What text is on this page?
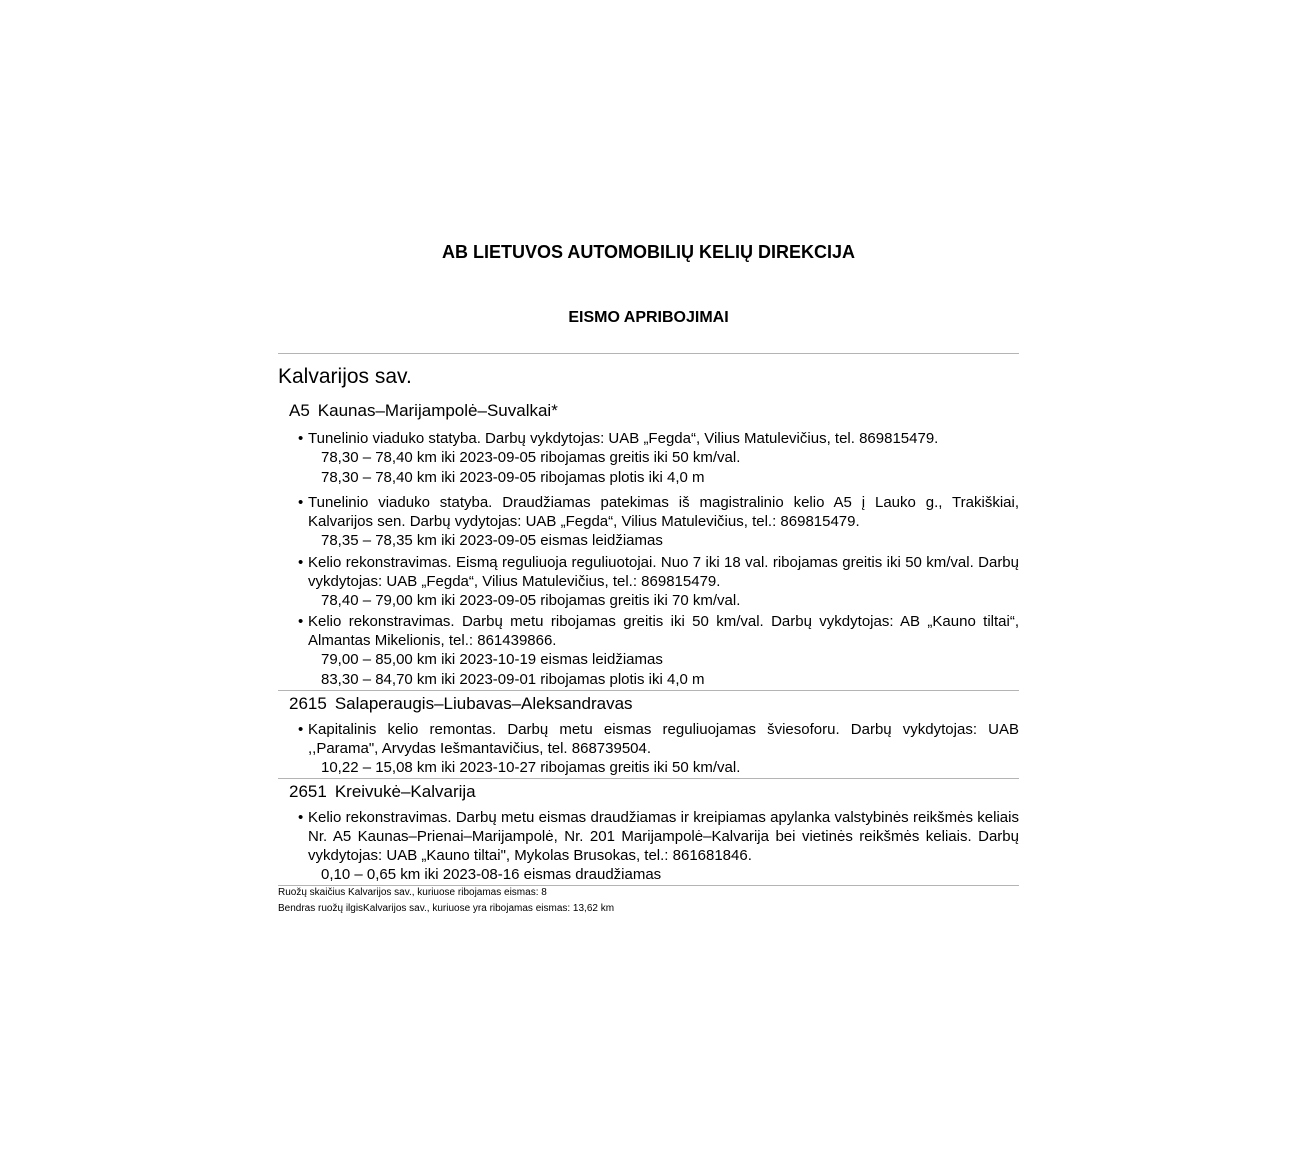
AB LIETUVOS AUTOMOBILIŲ KELIŲ DIREKCIJA
EISMO APRIBOJIMAI
Kalvarijos sav.
A5 Kaunas–Marijampolė–Suvalkai*
• Tunelinio viaduko statyba. Darbų vykdytojas: UAB „Fegda“, Vilius Matulevičius, tel. 869815479.
78,30 – 78,40 km iki 2023-09-05 ribojamas greitis iki 50 km/val.
78,30 – 78,40 km iki 2023-09-05 ribojamas plotis iki 4,0 m
• Tunelinio viaduko statyba. Draudžiamas patekimas iš magistralinio kelio A5 į Lauko g., Trakiškiai, Kalvarijos sen. Darbų vydytojas: UAB „Fegda“, Vilius Matulevičius, tel.: 869815479.
78,35 – 78,35 km iki 2023-09-05 eismas leidžiamas
• Kelio rekonstravimas. Eismą reguliuoja reguliuotojai. Nuo 7 iki 18 val. ribojamas greitis iki 50 km/val. Darbų vykdytojas: UAB „Fegda“, Vilius Matulevičius, tel.: 869815479.
78,40 – 79,00 km iki 2023-09-05 ribojamas greitis iki 70 km/val.
• Kelio rekonstravimas. Darbų metu ribojamas greitis iki 50 km/val. Darbų vykdytojas: AB „Kauno tiltai“, Almantas Mikelionis, tel.: 861439866.
79,00 – 85,00 km iki 2023-10-19 eismas leidžiamas
83,30 – 84,70 km iki 2023-09-01 ribojamas plotis iki 4,0 m
2615 Salaperaugis–Liubavas–Aleksandravas
• Kapitalinis kelio remontas. Darbų metu eismas reguliuojamas šviesoforu. Darbų vykdytojas: UAB ,,Parama", Arvydas Iešmantavičius, tel. 868739504.
10,22 – 15,08 km iki 2023-10-27 ribojamas greitis iki 50 km/val.
2651 Kreivukė–Kalvarija
• Kelio rekonstravimas. Darbų metu eismas draudžiamas ir kreipiamas apylanka valstybinės reikšmės keliais Nr. A5 Kaunas–Prienai–Marijampolė, Nr. 201 Marijampolė–Kalvarija bei vietinės reikšmės keliais. Darbų vykdytojas: UAB „Kauno tiltai", Mykolas Brusokas, tel.: 861681846.
0,10 – 0,65 km iki 2023-08-16 eismas draudžiamas
Ruožų skaičius Kalvarijos sav., kuriuose ribojamas eismas: 8
Bendras ruožų ilgisKalvarijos sav., kuriuose yra ribojamas eismas: 13,62 km
